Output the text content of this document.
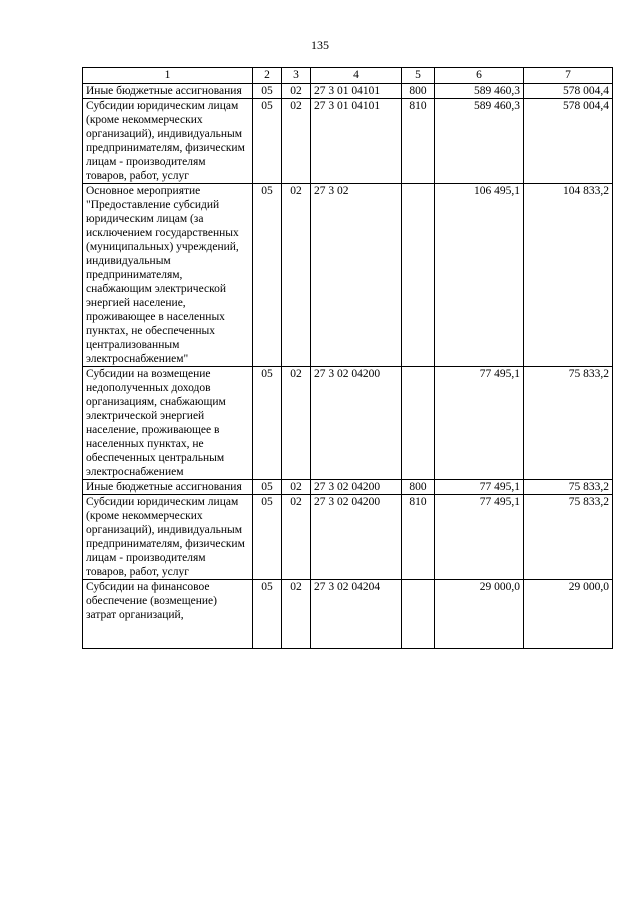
135
1	2	3	4	5	6	7
Иные бюджетные ассигнования	05	02	27 3 01 04101	800	589 460,3	578 004,4
Субсидии юридическим лицам (кроме некоммерческих организаций), индивидуальным предпринимателям, физическим лицам - производителям товаров, работ, услуг	05	02	27 3 01 04101	810	589 460,3	578 004,4
Основное мероприятие "Предоставление субсидий юридическим лицам (за исключением государственных (муниципальных) учреждений, индивидуальным предпринимателям, снабжающим электрической энергией население, проживающее в населенных пунктах, не обеспеченных централизованным электроснабжением"	05	02	27 3 02		106 495,1	104 833,2
Субсидии на возмещение недополученных доходов организациям, снабжающим электрической энергией население, проживающее в населенных пунктах, не обеспеченных центральным электроснабжением	05	02	27 3 02 04200		77 495,1	75 833,2
Иные бюджетные ассигнования	05	02	27 3 02 04200	800	77 495,1	75 833,2
Субсидии юридическим лицам (кроме некоммерческих организаций), индивидуальным предпринимателям, физическим лицам - производителям товаров, работ, услуг	05	02	27 3 02 04200	810	77 495,1	75 833,2
Субсидии на финансовое обеспечение (возмещение) затрат организаций,	05	02	27 3 02 04204		29 000,0	29 000,0
